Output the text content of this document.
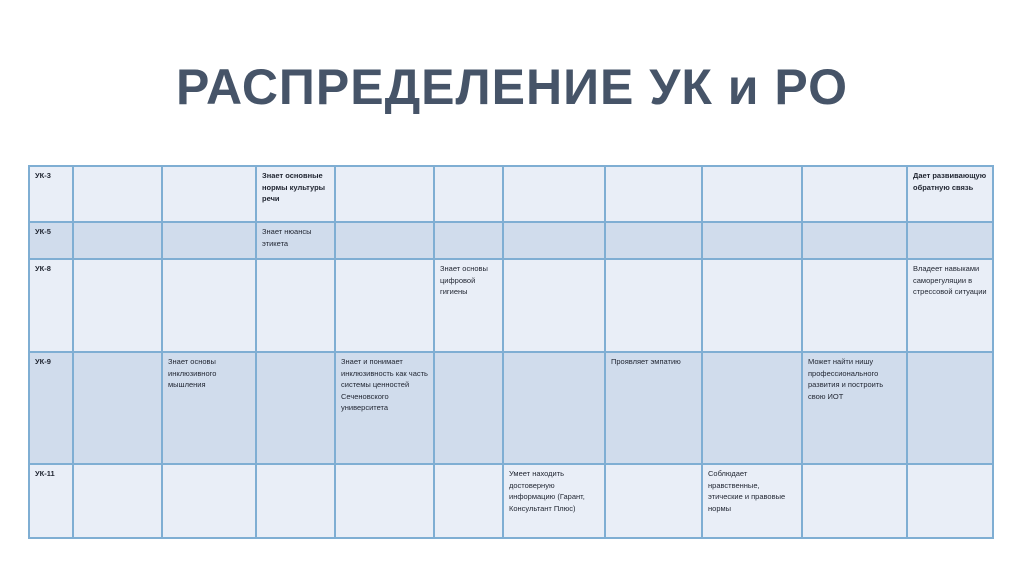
РАСПРЕДЕЛЕНИЕ УК и РО
УК-3			Знает основные нормы культуры речи							Дает развивающую обратную связь
УК-5			Знает нюансы этикета							
УК-8					Знает основы цифровой гигиены					Владеет навыками саморегуляции в стрессовой ситуации
УК-9		Знает основы инклюзивного мышления		Знает и понимает инклюзивность как часть системы ценностей Сеченовского университета			Проявляет эмпатию		Может найти нишу профессионального развития и построить свою ИОТ	
УК-11						Умеет находить достоверную информацию (Гарант, Консультант Плюс)		Соблюдает нравственные, этические и правовые нормы		
